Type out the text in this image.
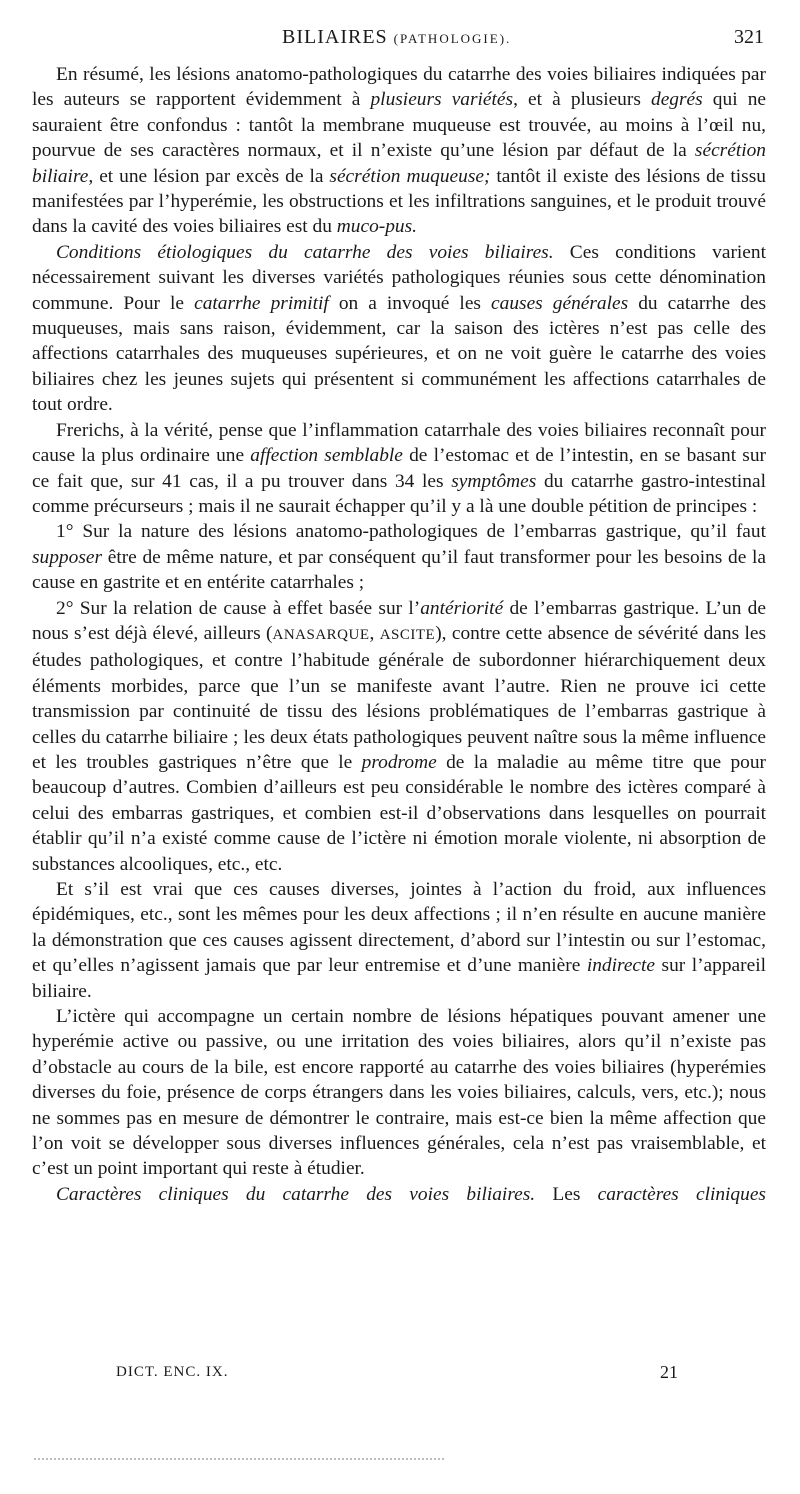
BILIAIRES (PATHOLOGIE).	321

En résumé, les lésions anatomo-pathologiques du catarrhe des voies biliaires indiquées par les auteurs se rapportent évidemment à plusieurs variétés, et à plusieurs degrés qui ne sauraient être confondus : tantôt la membrane muqueuse est trouvée, au moins à l’œil nu, pourvue de ses caractères normaux, et il n’existe qu’une lésion par défaut de la sécrétion biliaire, et une lésion par excès de la sécrétion muqueuse; tantôt il existe des lésions de tissu manifestées par l’hyperémie, les obstructions et les infiltrations sanguines, et le produit trouvé dans la cavité des voies biliaires est du muco-pus.

Conditions étiologiques du catarrhe des voies biliaires. Ces conditions varient nécessairement suivant les diverses variétés pathologiques réunies sous cette dénomination commune. Pour le catarrhe primitif on a invoqué les causes générales du catarrhe des muqueuses, mais sans raison, évidemment, car la saison des ictères n’est pas celle des affections catarrhales des muqueuses supérieures, et on ne voit guère le catarrhe des voies biliaires chez les jeunes sujets qui présentent si communément les affections catarrhales de tout ordre.

Frerichs, à la vérité, pense que l’inflammation catarrhale des voies biliaires reconnaît pour cause la plus ordinaire une affection semblable de l’estomac et de l’intestin, en se basant sur ce fait que, sur 41 cas, il a pu trouver dans 34 les symptômes du catarrhe gastro-intestinal comme précurseurs ; mais il ne saurait échapper qu’il y a là une double pétition de principes :

1° Sur la nature des lésions anatomo-pathologiques de l’embarras gastrique, qu’il faut supposer être de même nature, et par conséquent qu’il faut transformer pour les besoins de la cause en gastrite et en entérite catarrhales ;

2° Sur la relation de cause à effet basée sur l’antériorité de l’embarras gastrique. L’un de nous s’est déjà élevé, ailleurs (ANASARQUE, ASCITE), contre cette absence de sévérité dans les études pathologiques, et contre l’habitude générale de subordonner hiérarchiquement deux éléments morbides, parce que l’un se manifeste avant l’autre. Rien ne prouve ici cette transmission par continuité de tissu des lésions problématiques de l’embarras gastrique à celles du catarrhe biliaire ; les deux états pathologiques peuvent naître sous la même influence et les troubles gastriques n’être que le prodrome de la maladie au même titre que pour beaucoup d’autres. Combien d’ailleurs est peu considérable le nombre des ictères comparé à celui des embarras gastriques, et combien est-il d’observations dans lesquelles on pourrait établir qu’il n’a existé comme cause de l’ictère ni émotion morale violente, ni absorption de substances alcooliques, etc., etc.

Et s’il est vrai que ces causes diverses, jointes à l’action du froid, aux influences épidémiques, etc., sont les mêmes pour les deux affections ; il n’en résulte en aucune manière la démonstration que ces causes agissent directement, d’abord sur l’intestin ou sur l’estomac, et qu’elles n’agissent jamais que par leur entremise et d’une manière indirecte sur l’appareil biliaire.

L’ictère qui accompagne un certain nombre de lésions hépatiques pouvant amener une hyperémie active ou passive, ou une irritation des voies biliaires, alors qu’il n’existe pas d’obstacle au cours de la bile, est encore rapporté au catarrhe des voies biliaires (hyperémies diverses du foie, présence de corps étrangers dans les voies biliaires, calculs, vers, etc.); nous ne sommes pas en mesure de démontrer le contraire, mais est-ce bien la même affection que l’on voit se développer sous diverses influences générales, cela n’est pas vraisemblable, et c’est un point important qui reste à étudier.

Caractères cliniques du catarrhe des voies biliaires. Les caractères cliniques

DICT. ENC. IX.	21
